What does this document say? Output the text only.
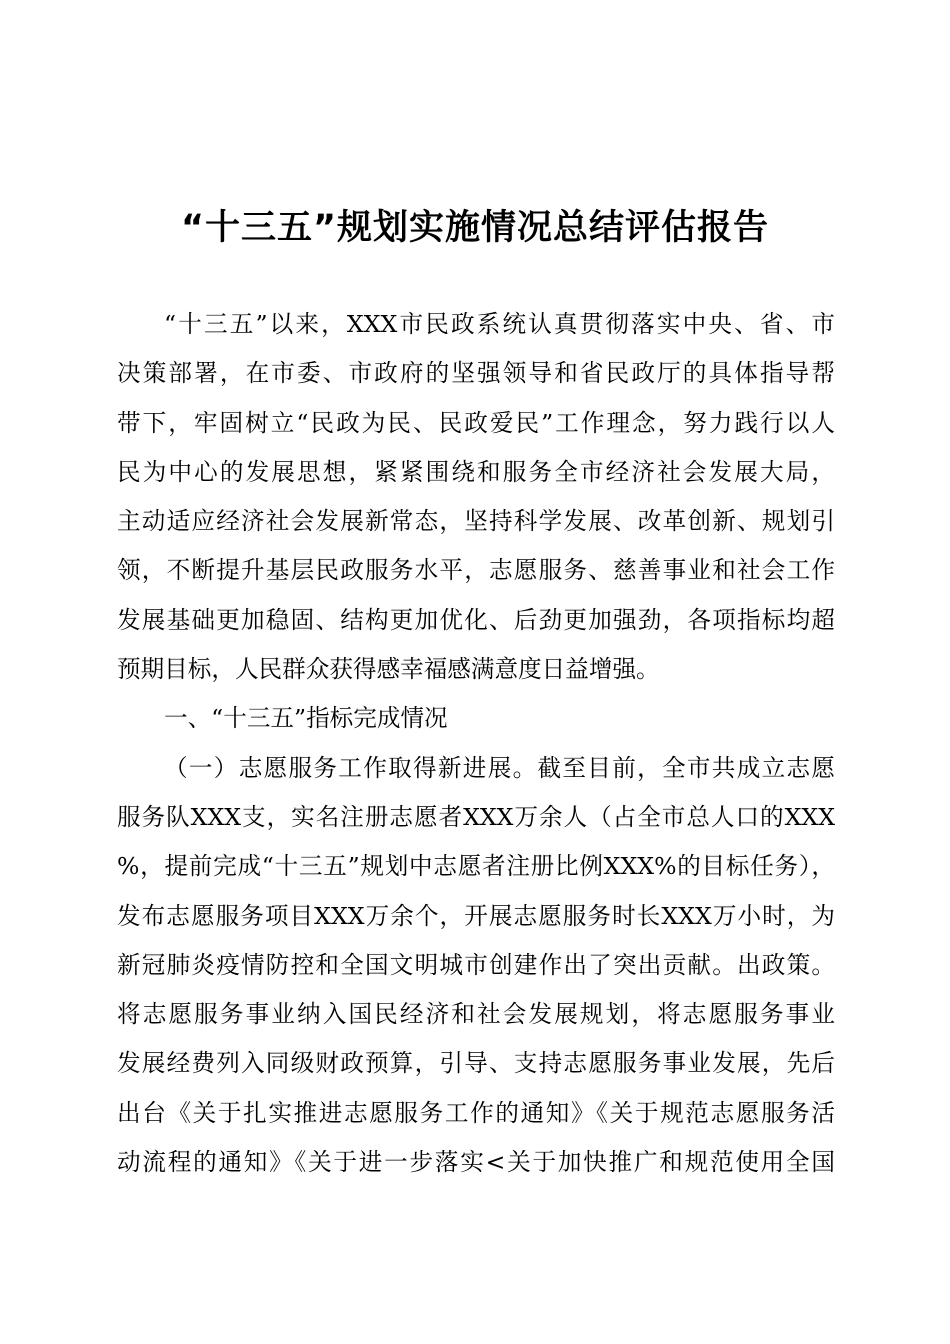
“十三五”规划实施情况总结评估报告
“十三五”以来，XXX市民政系统认真贯彻落实中央、省、市
决策部署，在市委、市政府的坚强领导和省民政厅的具体指导帮
带下，牢固树立“民政为民、民政爱民”工作理念，努力践行以人
民为中心的发展思想，紧紧围绕和服务全市经济社会发展大局，
主动适应经济社会发展新常态，坚持科学发展、改革创新、规划引
领，不断提升基层民政服务水平，志愿服务、慈善事业和社会工作
发展基础更加稳固、结构更加优化、后劲更加强劲，各项指标均超
预期目标，人民群众获得感幸福感满意度日益增强。
一、“十三五”指标完成情况
（一）志愿服务工作取得新进展。截至目前，全市共成立志愿
服务队XXX支，实名注册志愿者XXX万余人（占全市总人口的XXX
%，提前完成“十三五”规划中志愿者注册比例XXX%的目标任务），
发布志愿服务项目XXX万余个，开展志愿服务时长XXX万小时，为
新冠肺炎疫情防控和全国文明城市创建作出了突出贡献。出政策。
将志愿服务事业纳入国民经济和社会发展规划，将志愿服务事业
发展经费列入同级财政预算，引导、支持志愿服务事业发展，先后
出台《关于扎实推进志愿服务工作的通知》《关于规范志愿服务活
动流程的通知》《关于进一步落实<关于加快推广和规范使用全国
